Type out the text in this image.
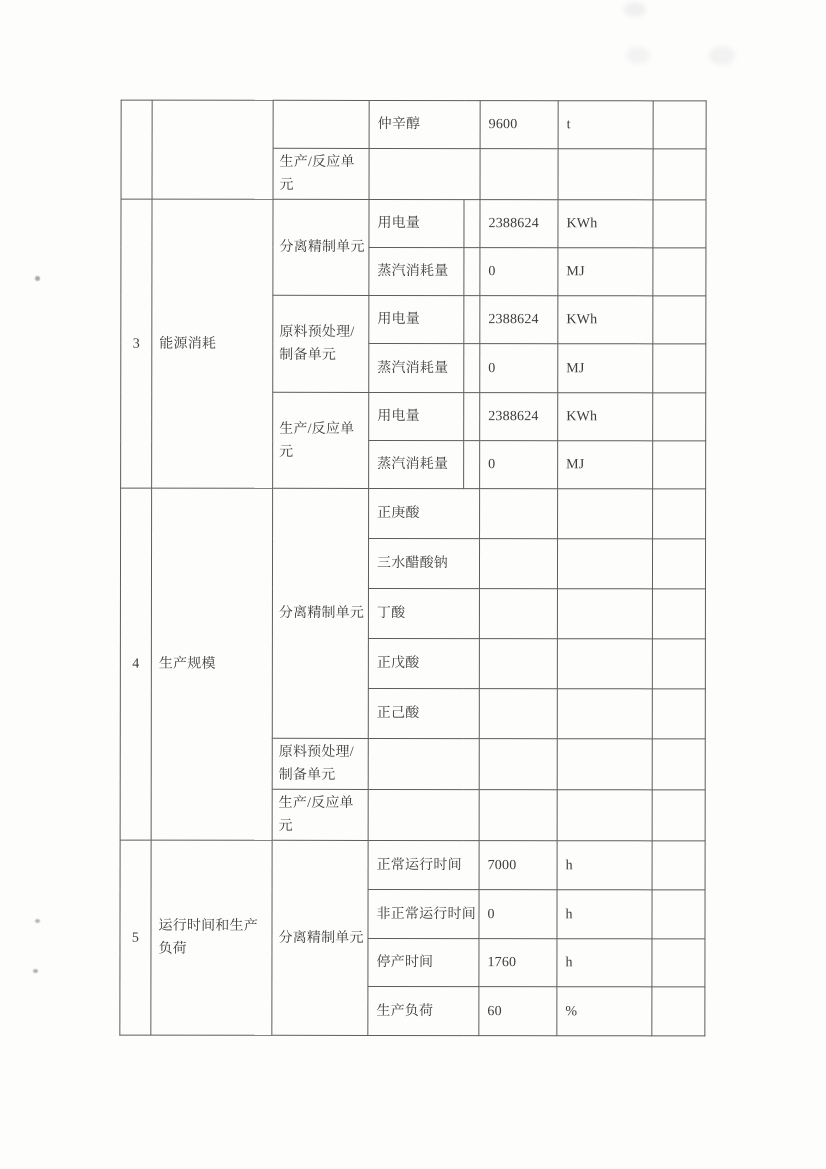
			仲辛醇		9600	t	
		生产/反应单元					
3	能源消耗	分离精制单元	用电量		2388624	KWh	
			蒸汽消耗量		0	MJ	
		原料预处理/制备单元	用电量		2388624	KWh	
			蒸汽消耗量		0	MJ	
		生产/反应单元	用电量		2388624	KWh	
			蒸汽消耗量		0	MJ	
4	生产规模	分离精制单元	正庚酸				
			三水醋酸钠				
			丁酸				
			正戊酸				
			正己酸				
		原料预处理/制备单元					
		生产/反应单元					
5	运行时间和生产负荷	分离精制单元	正常运行时间		7000	h	
			非正常运行时间		0	h	
			停产时间		1760	h	
			生产负荷		60	%	
